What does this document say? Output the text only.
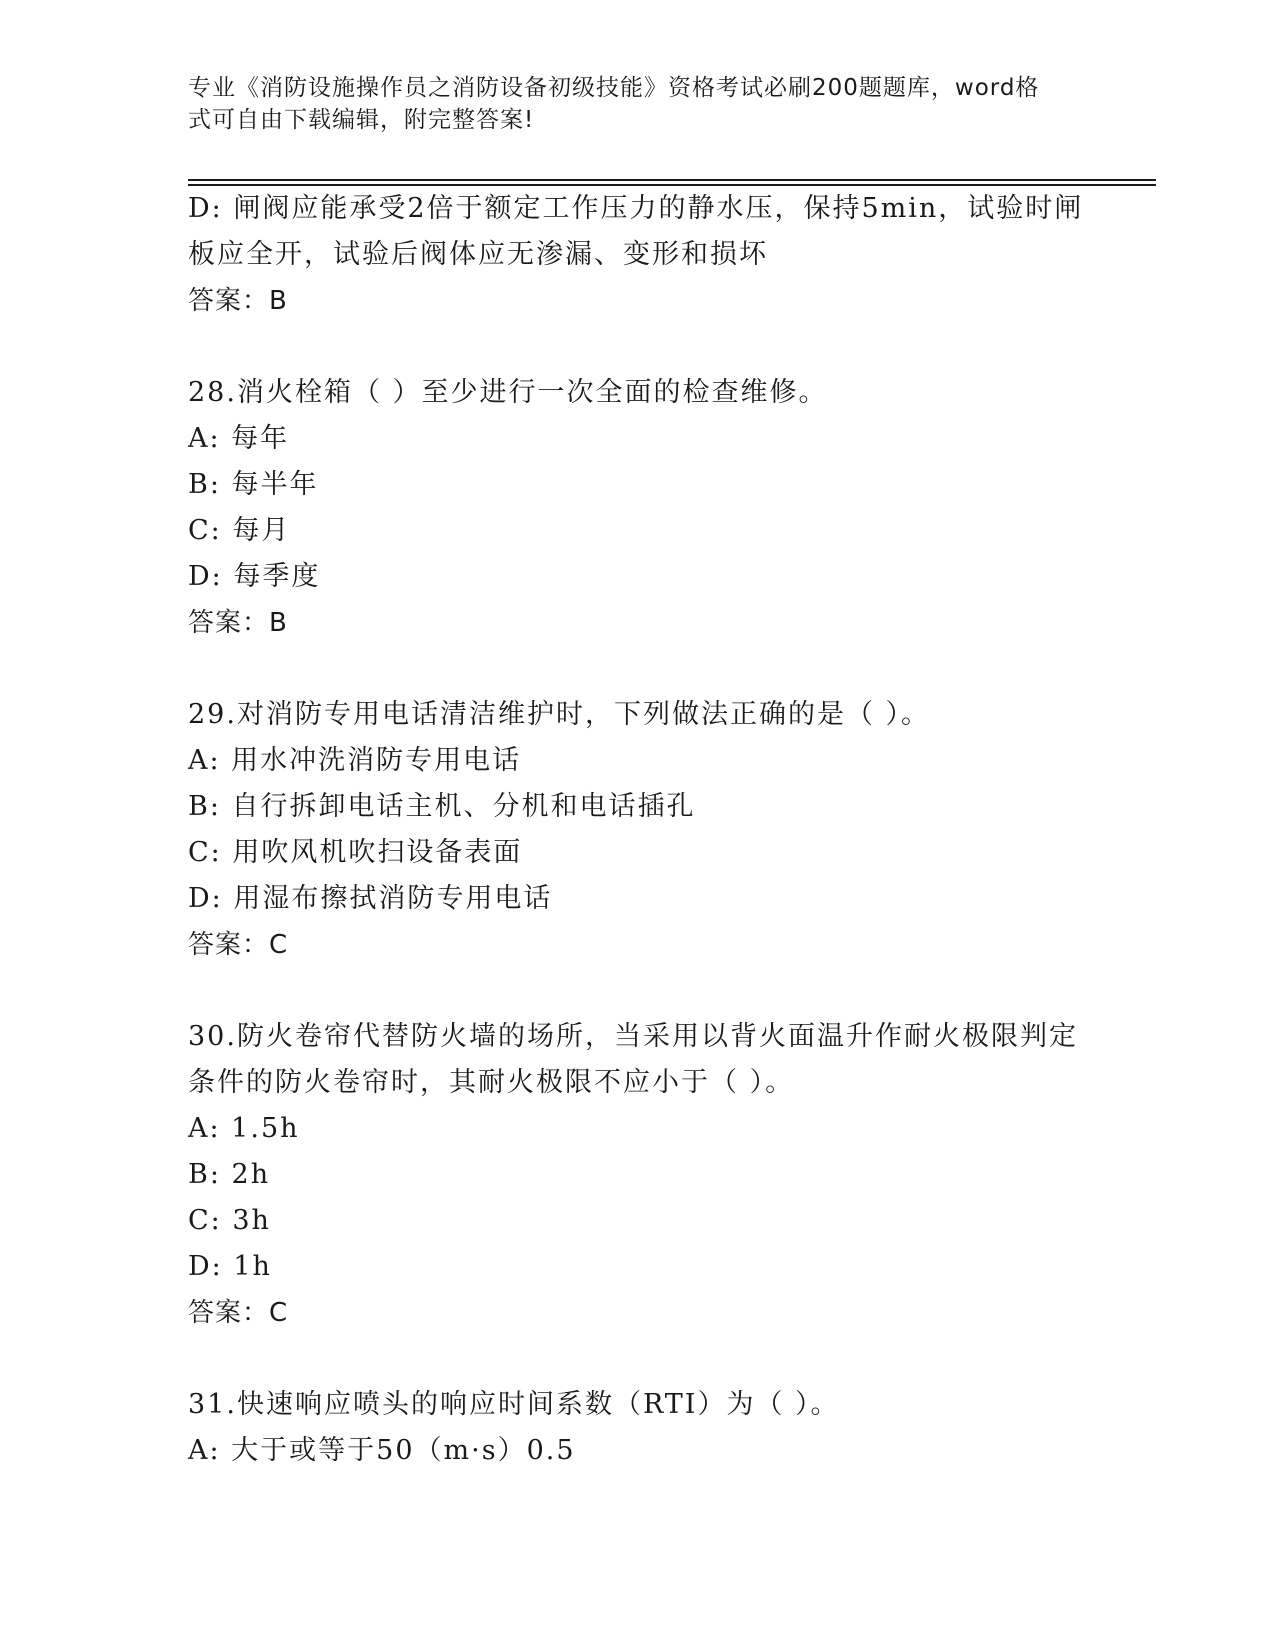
专业《消防设施操作员之消防设备初级技能》资格考试必刷200题题库，word格
式可自由下载编辑，附完整答案!
D: 闸阀应能承受2倍于额定工作压力的静水压，保持5min，试验时闸
板应全开，试验后阀体应无渗漏、变形和损坏
答案：B
28.消火栓箱（ ）至少进行一次全面的检查维修。
A: 每年
B: 每半年
C: 每月
D: 每季度
答案：B
29.对消防专用电话清洁维护时，下列做法正确的是（ ）。
A: 用水冲洗消防专用电话
B: 自行拆卸电话主机、分机和电话插孔
C: 用吹风机吹扫设备表面
D: 用湿布擦拭消防专用电话
答案：C
30.防火卷帘代替防火墙的场所，当采用以背火面温升作耐火极限判定
条件的防火卷帘时，其耐火极限不应小于（ ）。
A: 1.5h
B: 2h
C: 3h
D: 1h
答案：C
31.快速响应喷头的响应时间系数（RTI）为（ ）。
A: 大于或等于50（m·s）0.5
